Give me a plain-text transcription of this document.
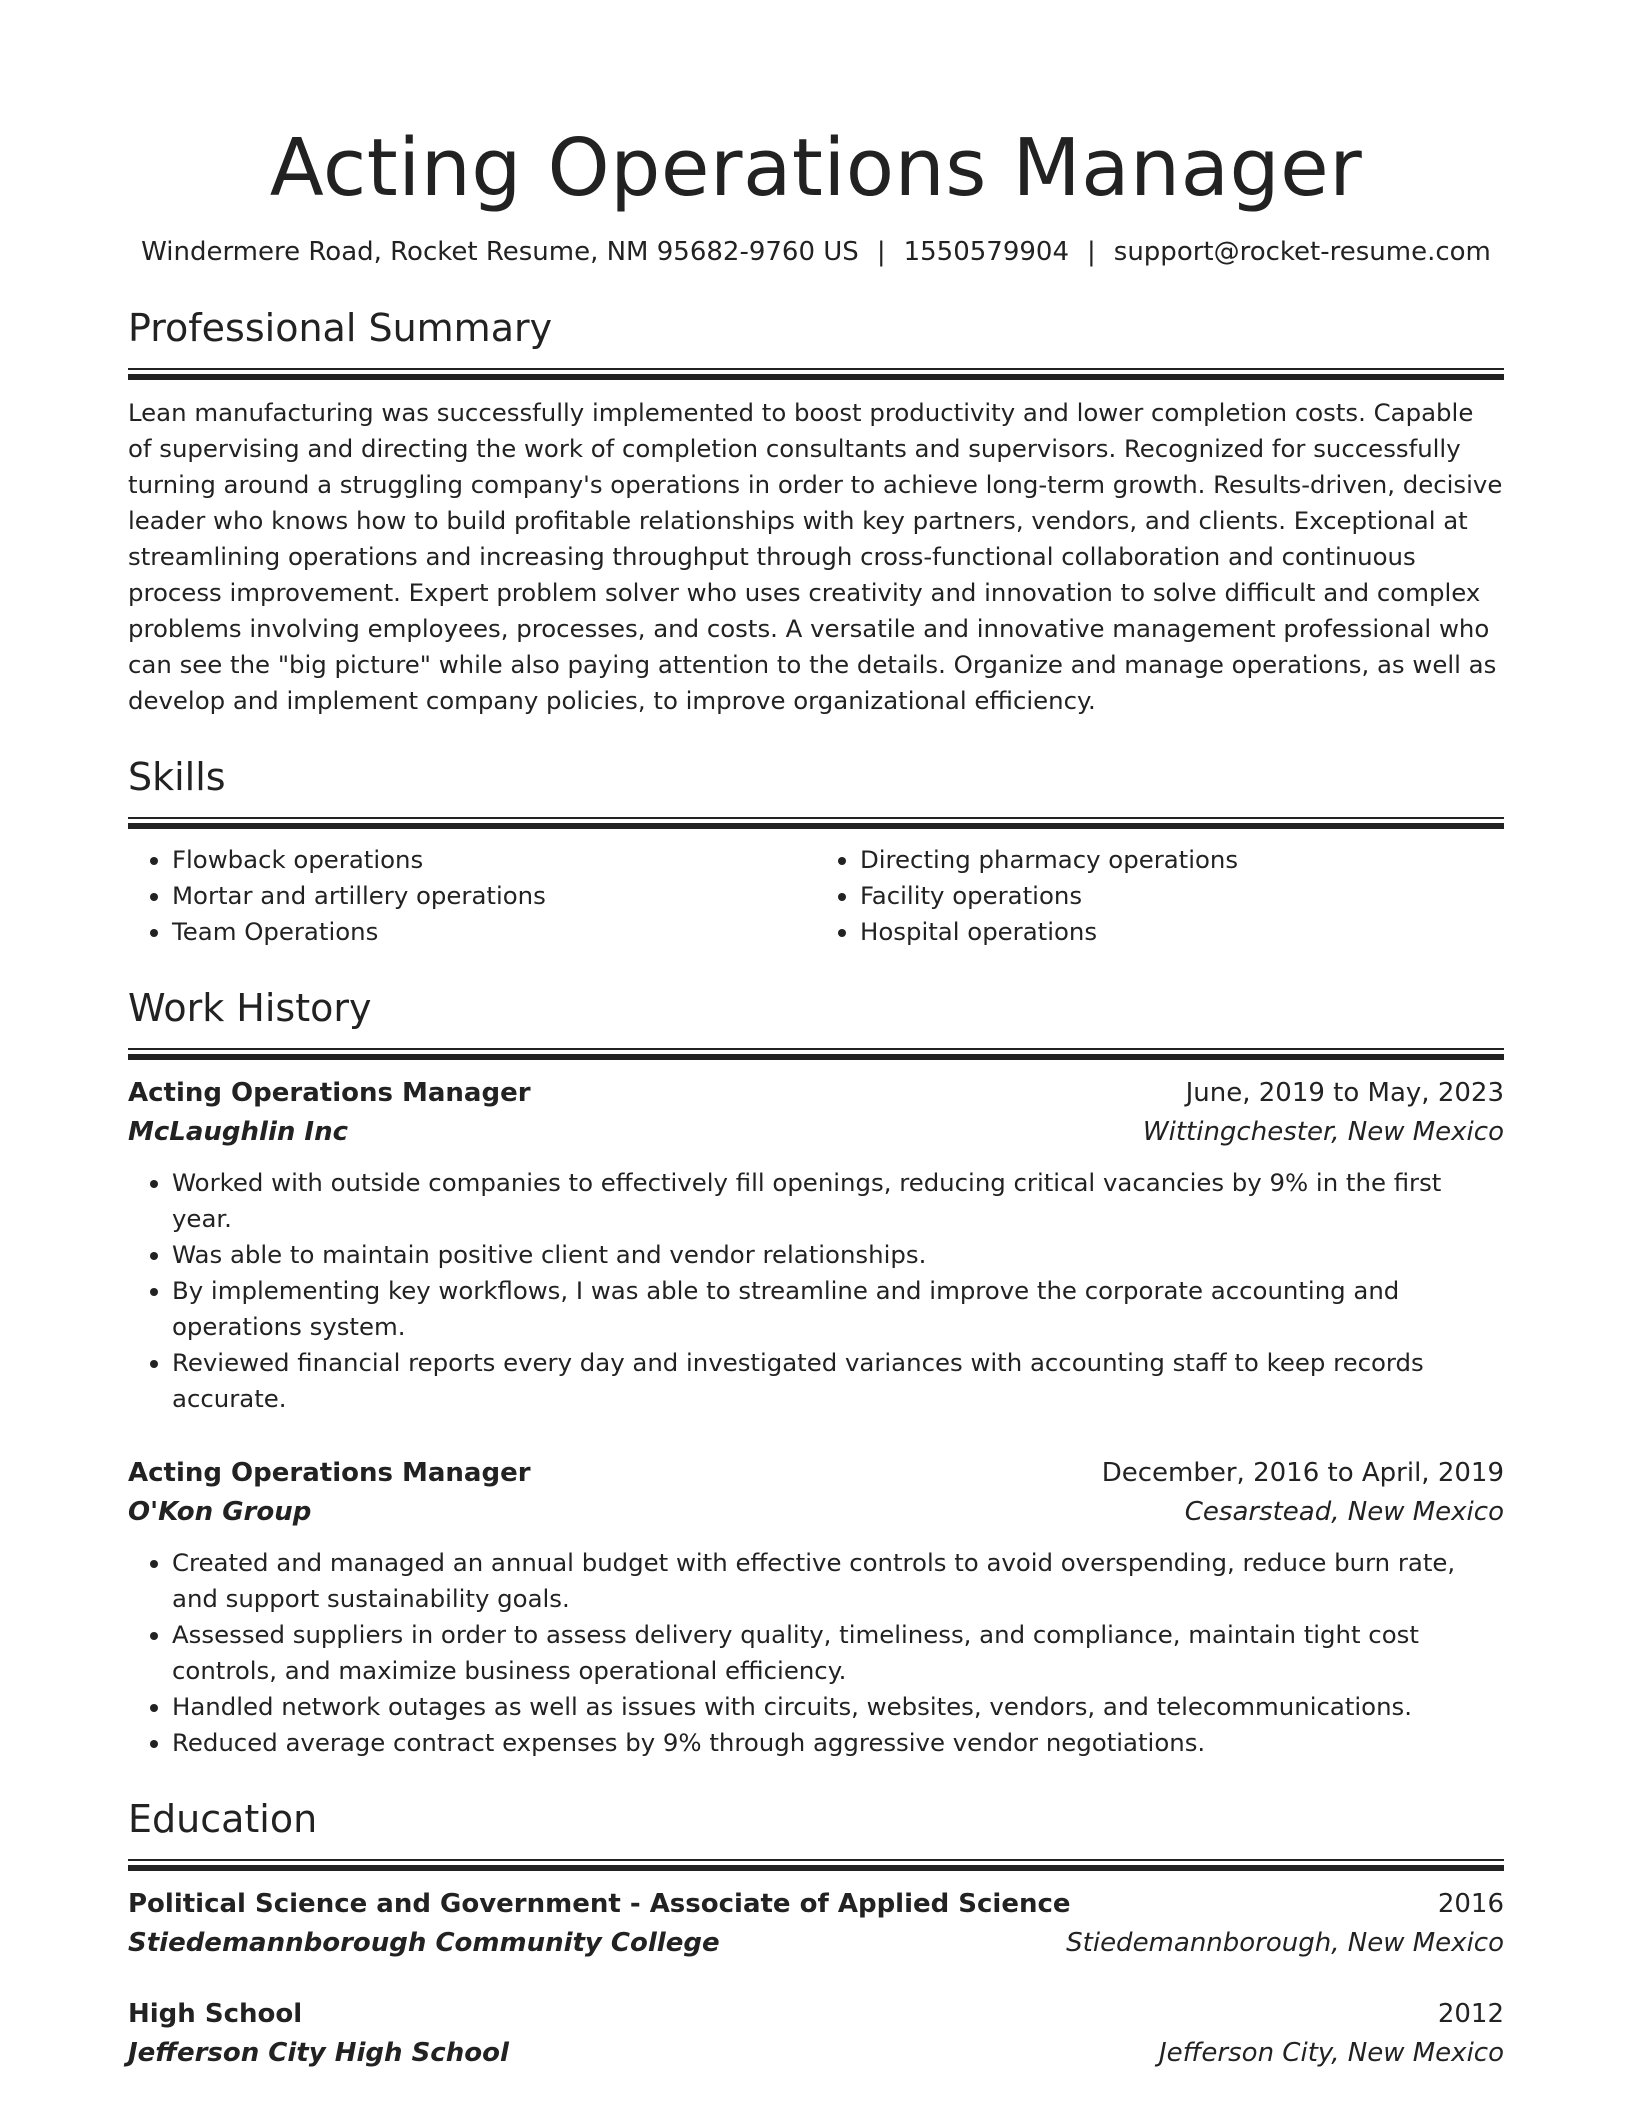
Acting Operations Manager
Windermere Road, Rocket Resume, NM 95682-9760 US | 1550579904 | support@rocket-resume.com
Professional Summary

Lean manufacturing was successfully implemented to boost productivity and lower completion costs. Capable of supervising and directing the work of completion consultants and supervisors. Recognized for successfully turning around a struggling company's operations in order to achieve long-term growth. Results-driven, decisive leader who knows how to build profitable relationships with key partners, vendors, and clients. Exceptional at streamlining operations and increasing throughput through cross-functional collaboration and continuous process improvement. Expert problem solver who uses creativity and innovation to solve difficult and complex problems involving employees, processes, and costs. A versatile and innovative management professional who can see the "big picture" while also paying attention to the details. Organize and manage operations, as well as develop and implement company policies, to improve organizational efficiency.

Skills
• Flowback operations
• Mortar and artillery operations
• Team Operations
• Directing pharmacy operations
• Facility operations
• Hospital operations
Work History
Acting Operations Manager	June, 2019 to May, 2023
McLaughlin Inc	Wittingchester, New Mexico
• Worked with outside companies to effectively fill openings, reducing critical vacancies by 9% in the first year.
• Was able to maintain positive client and vendor relationships.
• By implementing key workflows, I was able to streamline and improve the corporate accounting and operations system.
• Reviewed financial reports every day and investigated variances with accounting staff to keep records accurate.
Acting Operations Manager	December, 2016 to April, 2019
O'Kon Group	Cesarstead, New Mexico
• Created and managed an annual budget with effective controls to avoid overspending, reduce burn rate, and support sustainability goals.
• Assessed suppliers in order to assess delivery quality, timeliness, and compliance, maintain tight cost controls, and maximize business operational efficiency.
• Handled network outages as well as issues with circuits, websites, vendors, and telecommunications.
• Reduced average contract expenses by 9% through aggressive vendor negotiations.
Education
Political Science and Government - Associate of Applied Science	2016
Stiedemannborough Community College	Stiedemannborough, New Mexico
High School	2012
Jefferson City High School	Jefferson City, New Mexico
